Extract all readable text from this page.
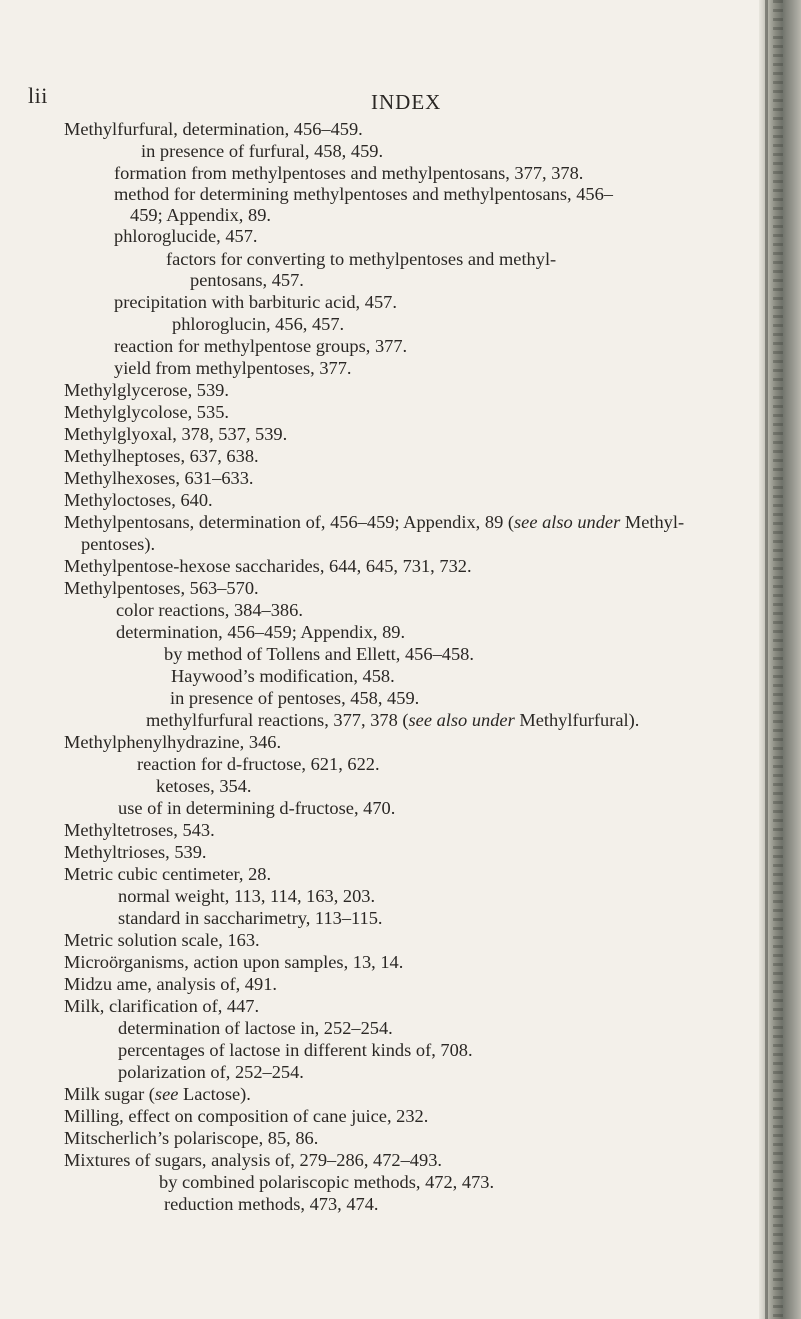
lii	INDEX
Methylfurfural, determination, 456–459.
in presence of furfural, 458, 459.
formation from methylpentoses and methylpentosans, 377, 378.
method for determining methylpentoses and methylpentosans, 456–
459; Appendix, 89.
phloroglucide, 457.
factors for converting to methylpentoses and methyl-
pentosans, 457.
precipitation with barbituric acid, 457.
phloroglucin, 456, 457.
reaction for methylpentose groups, 377.
yield from methylpentoses, 377.
Methylglycerose, 539.
Methylglycolose, 535.
Methylglyoxal, 378, 537, 539.
Methylheptoses, 637, 638.
Methylhexoses, 631–633.
Methyloctoses, 640.
Methylpentosans, determination of, 456–459; Appendix, 89 (see also under Methyl-
pentoses).
Methylpentose-hexose saccharides, 644, 645, 731, 732.
Methylpentoses, 563–570.
color reactions, 384–386.
determination, 456–459; Appendix, 89.
by method of Tollens and Ellett, 456–458.
Haywood’s modification, 458.
in presence of pentoses, 458, 459.
methylfurfural reactions, 377, 378 (see also under Methylfurfural).
Methylphenylhydrazine, 346.
reaction for d-fructose, 621, 622.
ketoses, 354.
use of in determining d-fructose, 470.
Methyltetroses, 543.
Methyltrioses, 539.
Metric cubic centimeter, 28.
normal weight, 113, 114, 163, 203.
standard in saccharimetry, 113–115.
Metric solution scale, 163.
Microörganisms, action upon samples, 13, 14.
Midzu ame, analysis of, 491.
Milk, clarification of, 447.
determination of lactose in, 252–254.
percentages of lactose in different kinds of, 708.
polarization of, 252–254.
Milk sugar (see Lactose).
Milling, effect on composition of cane juice, 232.
Mitscherlich’s polariscope, 85, 86.
Mixtures of sugars, analysis of, 279–286, 472–493.
by combined polariscopic methods, 472, 473.
reduction methods, 473, 474.
